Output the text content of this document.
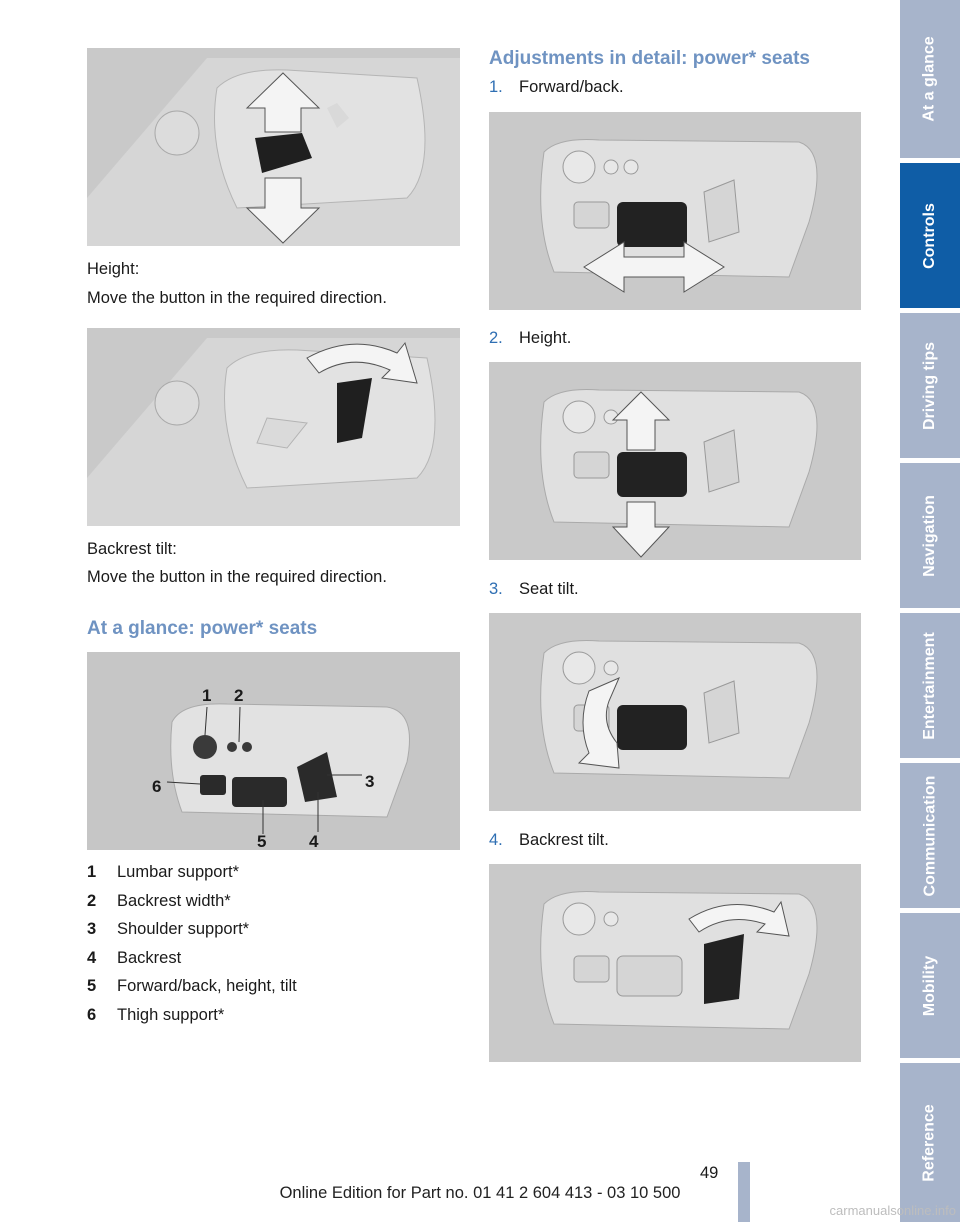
Height:

Move the button in the required direction.

Backrest tilt:

Move the button in the required direction.

At a glance: power* seats
1 2
3
4
5
6
1 Lumbar support*
2 Backrest width*
3 Shoulder support*
4 Backrest
5 Forward/back, height, tilt
6 Thigh support*
Adjustments in detail: power* seats
1. Forward/back.
2. Height.
3. Seat tilt.
4. Backrest tilt.
At a glance
Controls
Driving tips
Navigation
Entertainment
Communication
Mobility
Reference
49
Online Edition for Part no. 01 41 2 604 413 - 03 10 500
carmanualsonline.info
